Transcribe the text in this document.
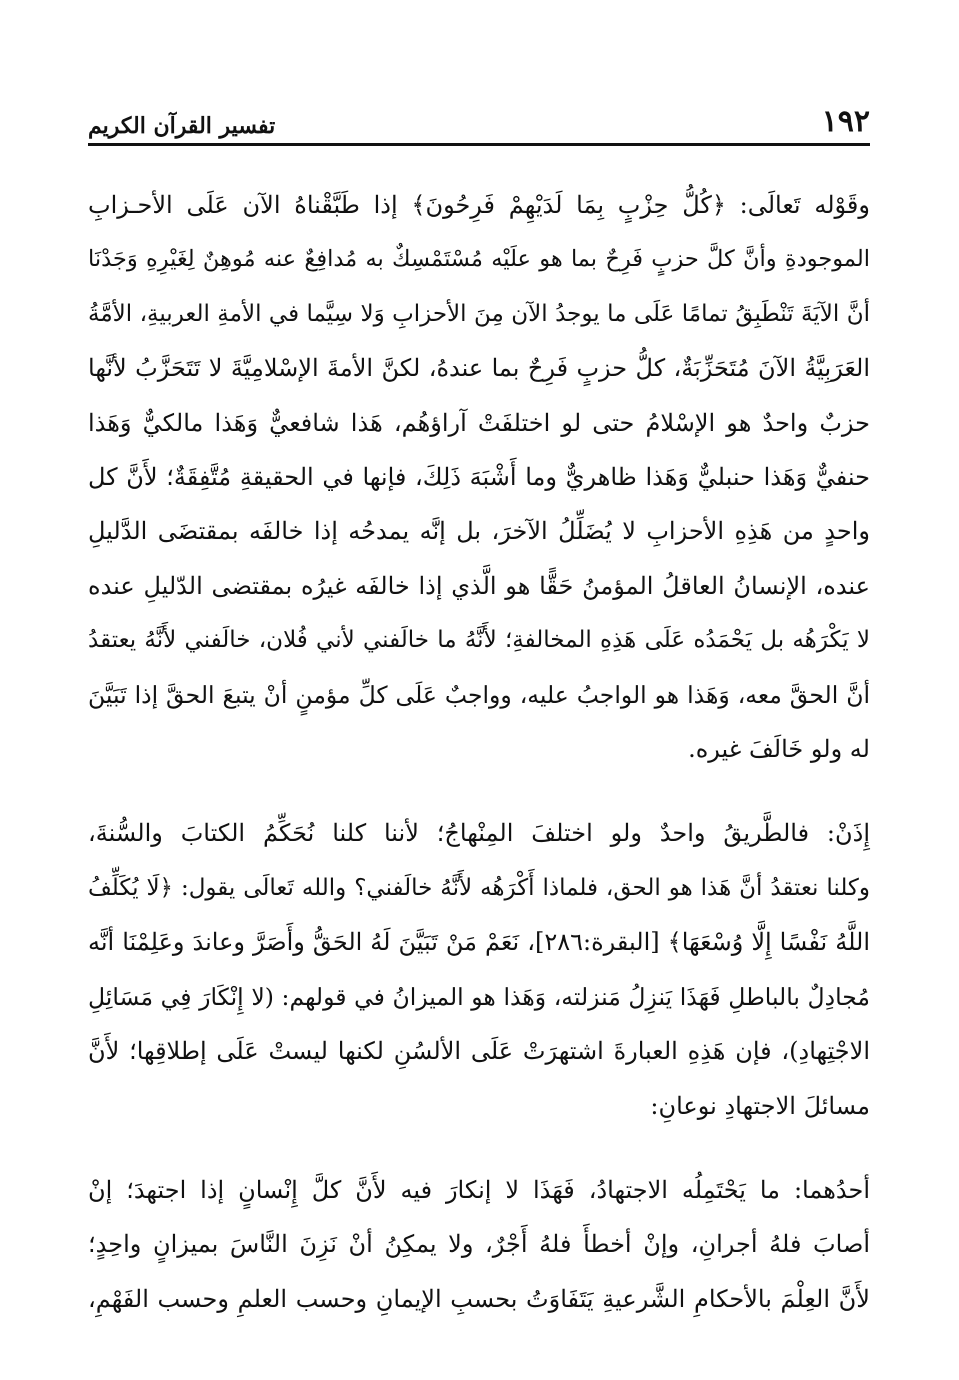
١٩٢
تفسير القرآن الكريم

وقَوْله تَعالَى: ﴿كُلُّ حِزْبٍ بِمَا لَدَيْهِمْ فَرِحُونَ﴾ إذا طَبَّقْناهُ الآن عَلَى الأحـزابِ
الموجودةِ وأنَّ كلَّ حزبٍ فَرِحٌ بما هو علَيْه مُسْتَمْسِكٌ به مُدافِعٌ عنه مُوهِنٌ لِغَيْرِهِ وَجَدْنَا
أنَّ الآيَةَ تَنْطَبِقُ تمامًا عَلَى ما يوجدُ الآن مِنَ الأحزابِ وَلا سِيَّما في الأمةِ العربيةِ، الأمَّةُ
العَرَبِيَّةُ الآنَ مُتَحَزِّبَةٌ، كلُّ حزبٍ فَرِحٌ بما عندهُ، لكنَّ الأمةَ الإسْلامِيَّةَ لا تَتَحَزَّبُ لأنَّها
حزبٌ واحدٌ هو الإسْلامُ حتى لو اختلفَتْ آراؤهُم، هَذا شافعيٌّ وَهَذا مالكيٌّ وَهَذا
حنفيٌّ وَهَذا حنبليٌّ وَهَذا ظاهريٌّ وما أَشْبَهَ ذَلِكَ، فإنها في الحقيقةِ مُتَّفِقَةٌ؛ لأَنَّ كل
واحدٍ من هَذِهِ الأحزابِ لا يُضَلِّلُ الآخرَ، بل إنَّه يمدحُه إذا خالفَه بمقتضَى الدَّليلِ
عنده، الإنسانُ العاقلُ المؤمنُ حَقًّا هو الَّذي إذا خالفَه غيرُه بمقتضى الدّليلِ عنده
لا يَكْرَهُه بل يَحْمَدُه عَلَى هَذِهِ المخالفةِ؛ لأَنَّهُ ما خالَفني لأني فُلان، خالَفني لأَنَّهُ يعتقدُ
أنَّ الحقَّ معه، وَهَذا هو الواجبُ عليه، وواجبٌ عَلَى كلِّ مؤمنٍ أنْ يتبعَ الحقَّ إذا تَبَيَّنَ
له ولو خَالَفَ غيره.

إِذَنْ: فالطَّريقُ واحدٌ ولو اختلفَ المِنْهاجُ؛ لأننا كلنا نُحَكِّمُ الكتابَ والسُّنةَ،
وكلنا نعتقدُ أنَّ هَذا هو الحق، فلماذا أَكْرَهُه لأَنَّهُ خالَفني؟ والله تَعالَى يقول: ﴿لَا يُكَلِّفُ
اللَّهُ نَفْسًا إِلَّا وُسْعَهَا﴾ [البقرة:٢٨٦]، نَعَمْ مَنْ تَبَيَّنَ لَهُ الحَقُّ وأَصَرَّ وعاندَ وعَلِمْنَا أنَّه
مُجادِلٌ بالباطلِ فَهَذَا يَنزِلُ مَنزلته، وَهَذا هو الميزانُ في قولهم: (لا إِنْكَارَ فِي مَسَائِلِ
الاجْتِهادِ)، فإن هَذِهِ العبارةَ اشتهرَتْ عَلَى الألسُنِ لكنها ليستْ عَلَى إطلاقِها؛ لأَنَّ
مسائلَ الاجتهادِ نوعانِ:

أحدُهما: ما يَحْتَمِلُه الاجتهادُ، فَهَذَا لا إنكارَ فيه لأَنَّ كلَّ إِنْسانٍ إذا اجتهدَ؛ إنْ
أصابَ فلهُ أجرانِ، وإنْ أخطأَ فلهُ أَجْرٌ، ولا يمكِنُ أنْ نَزِنَ النَّاسَ بميزانٍ واحِدٍ؛
لأَنَّ العِلْمَ بالأحكامِ الشَّرعيةِ يَتَفَاوَتُ بحسبِ الإيمانِ وحسب العلمِ وحسب الفَهْمِ،
